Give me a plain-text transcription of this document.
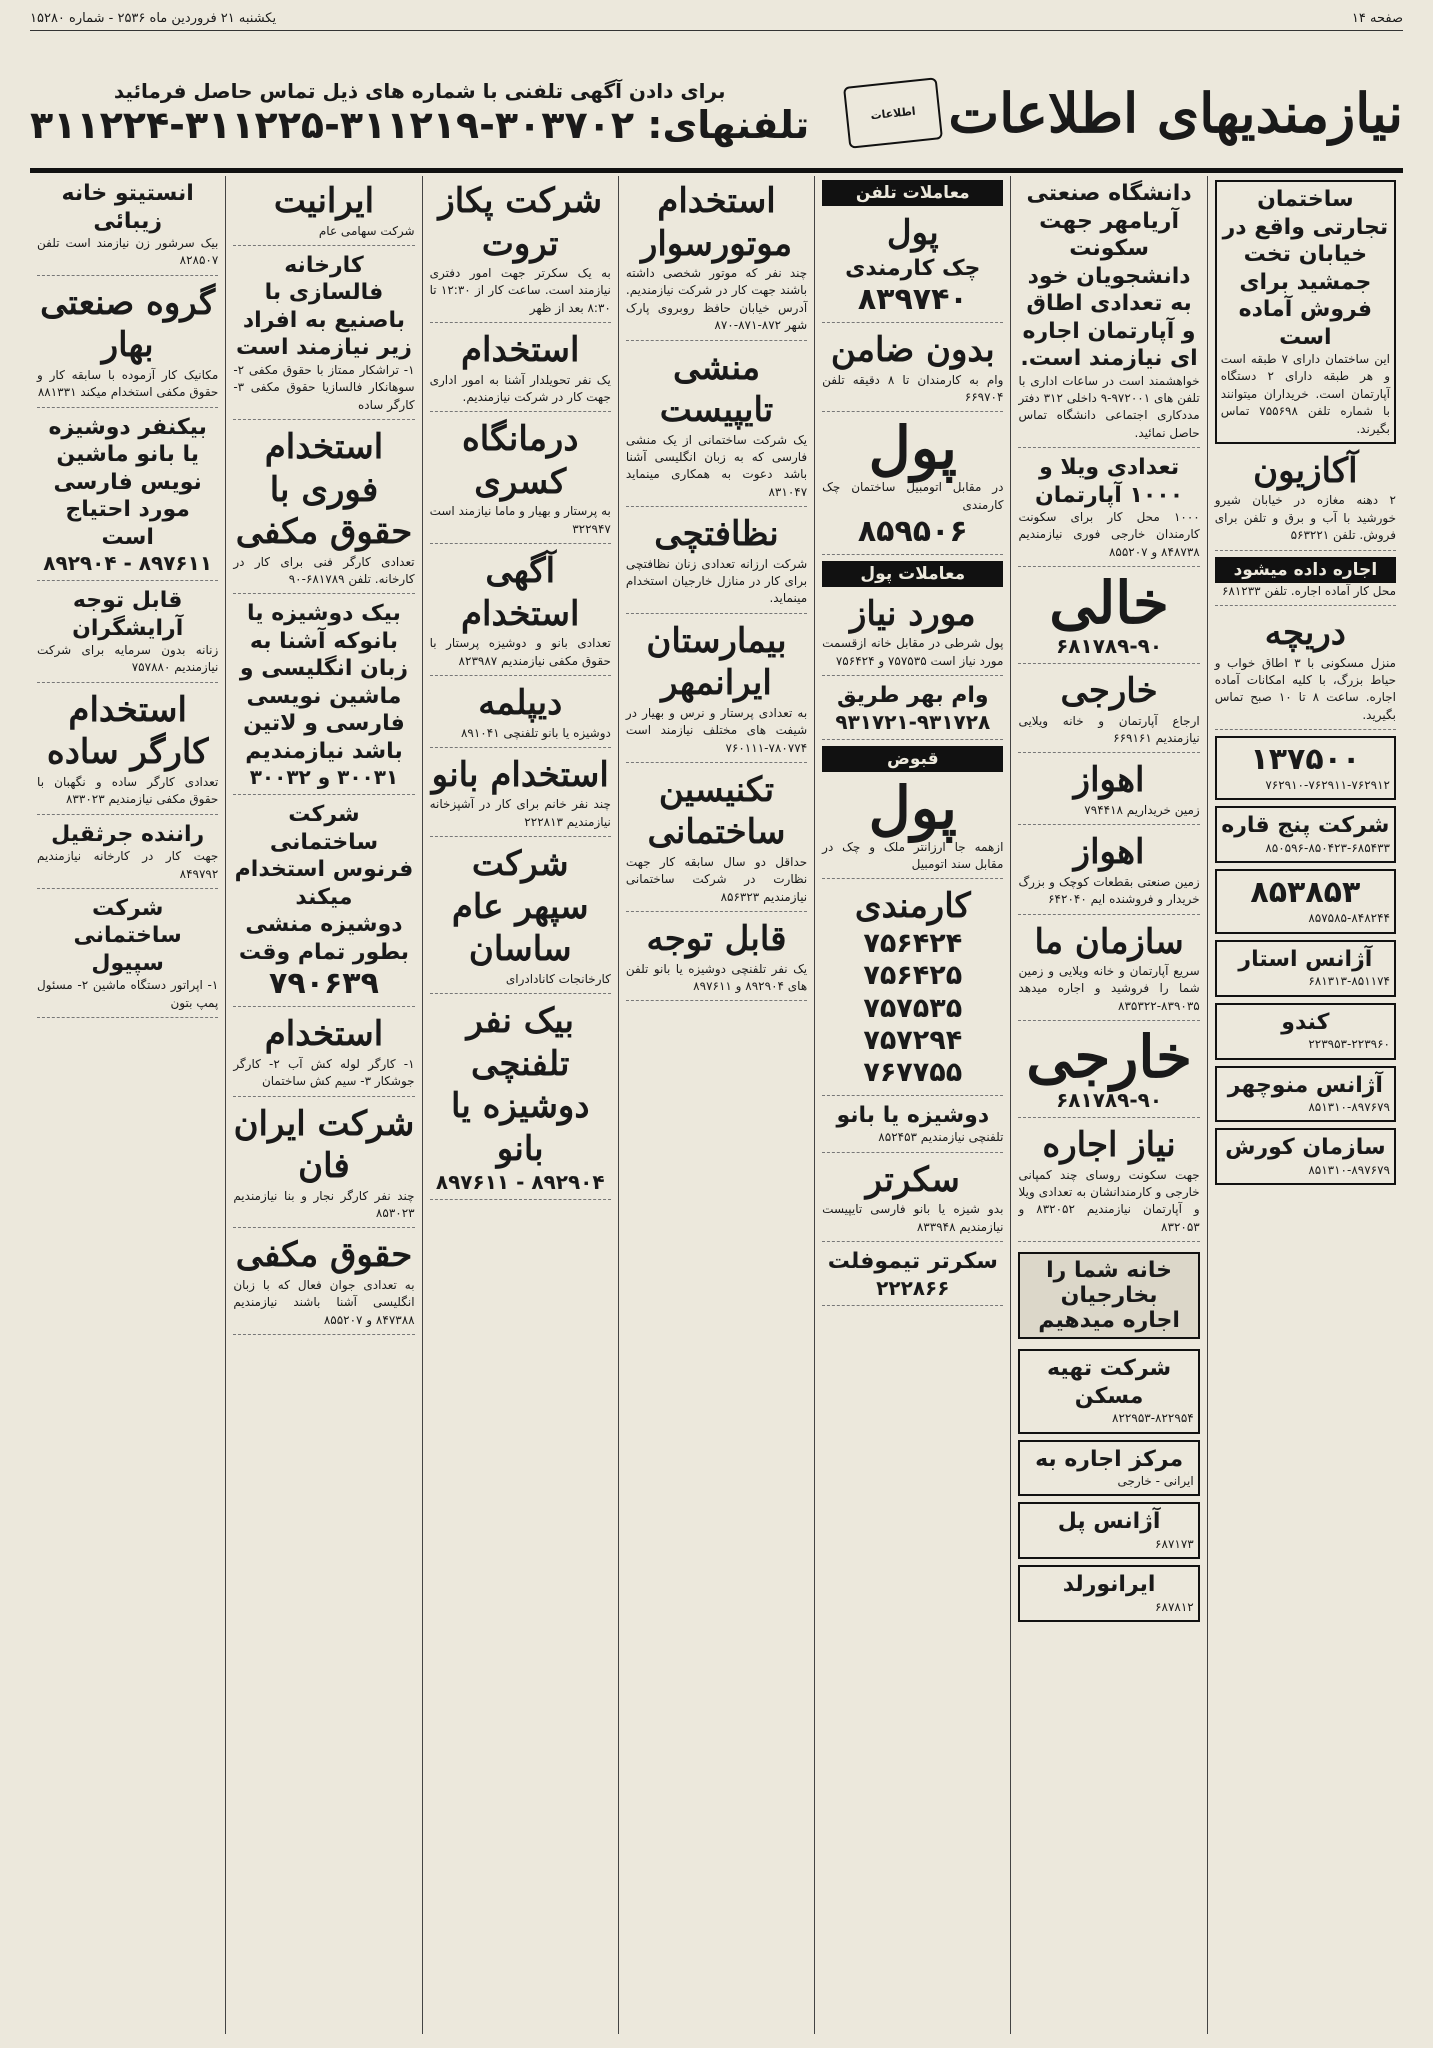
صفحه ۱۴
یکشنبه ۲۱ فروردین ماه ۲۵۳۶ - شماره ۱۵۲۸۰
نیازمندیهای اطلاعات
اطلاعات
برای دادن آگهی تلفنی با شماره های ذیل تماس حاصل فرمائید
تلفنهای: ۳۰۳۷۰۲-۳۱۱۲۱۹-۳۱۱۲۲۵-۳۱۱۲۲۴
ساختمان تجارتی واقع در خیابان تخت جمشید برای فروش آماده است
این ساختمان دارای ۷ طبقه است و هر طبقه دارای ۲ دستگاه آپارتمان است. خریداران میتوانند با شماره تلفن ۷۵۵۶۹۸ تماس بگیرند.
آکازیون
۲ دهنه مغازه در خیابان شیرو خورشید با آب و برق و تلفن برای فروش. تلفن ۵۶۳۲۲۱
اجاره داده میشود
محل کار آماده اجاره. تلفن ۶۸۱۲۳۳
دریچه
منزل مسکونی با ۳ اطاق خواب و حیاط بزرگ، با کلیه امکانات آماده اجاره. ساعت ۸ تا ۱۰ صبح تماس بگیرید.
۱۳۷۵۰۰
۷۶۲۹۱۰-۷۶۲۹۱۱-۷۶۲۹۱۲
شرکت پنج قاره
۸۵۰۵۹۶-۸۵۰۴۲۳-۶۸۵۴۳۳
۸۵۳۸۵۳
۸۵۷۵۸۵-۸۴۸۲۴۴
آژانس استار
۶۸۱۳۱۳-۸۵۱۱۷۴
کندو
۲۲۳۹۵۳-۲۲۳۹۶۰
آژانس منوچهر
۸۵۱۳۱۰-۸۹۷۶۷۹
سازمان کورش
۸۵۱۳۱۰-۸۹۷۶۷۹
دانشگاه صنعتی آریامهر جهت سکونت دانشجویان خود به تعدادی اطاق و آپارتمان اجاره ای نیازمند است.
خواهشمند است در ساعات اداری با تلفن های ۹۷۲۰۰۱-۹ داخلی ۳۱۲ دفتر مددکاری اجتماعی دانشگاه تماس حاصل نمائید.
تعدادی ویلا و ۱۰۰۰ آپارتمان
۱۰۰۰ محل کار برای سکونت کارمندان خارجی فوری نیازمندیم ۸۴۸۷۳۸ و ۸۵۵۲۰۷
خالی
۶۸۱۷۸۹-۹۰
خارجی
ارجاع آپارتمان و خانه ویلایی نیازمندیم ۶۶۹۱۶۱
اهواز
زمین خریداریم ۷۹۴۴۱۸
اهواز
زمین صنعتی بقطعات کوچک و بزرگ خریدار و فروشنده ایم ۶۴۲۰۴۰
سازمان ما
سریع آپارتمان و خانه ویلایی و زمین شما را فروشید و اجاره میدهد ۸۳۹۰۳۵-۸۳۵۳۲۲
خارجی
۶۸۱۷۸۹-۹۰
نیاز اجاره
جهت سکونت روسای چند کمپانی خارجی و کارمندانشان به تعدادی ویلا و آپارتمان نیازمندیم ۸۳۲۰۵۲ و ۸۳۲۰۵۳
خانه شما را بخارجیان اجاره میدهیم
شرکت تهیه مسکن
۸۲۲۹۵۳-۸۲۲۹۵۴
مرکز اجاره به
ایرانی - خارجی
آژانس پل
۶۸۷۱۷۳
ایرانورلد
۶۸۷۸۱۲
معاملات تلفن
پول
چک کارمندی
۸۳۹۷۴۰
بدون ضامن
وام به کارمندان تا ۸ دقیقه تلفن ۶۶۹۷۰۴
پول
در مقابل اتومبیل ساختمان چک کارمندی
۸۵۹۵۰۶
معاملات پول
مورد نیاز
پول شرطی در مقابل خانه ازقسمت مورد نیاز است ۷۵۷۵۳۵ و ۷۵۶۴۲۴
وام بهر طریق
۹۳۱۷۲۱-۹۳۱۷۲۸
قبوض
پول
ازهمه جا ارزانتر ملک و چک در مقابل سند اتومبیل
کارمندی
۷۵۶۴۲۴
۷۵۶۴۲۵
۷۵۷۵۳۵
۷۵۷۲۹۴
۷۶۷۷۵۵
دوشیزه یا بانو
تلفنچی نیازمندیم ۸۵۲۴۵۳
سکرتر
بدو شیزه یا بانو فارسی تایپیست نیازمندیم ۸۳۳۹۴۸
سکرتر تیموفلت
۲۲۲۸۶۶
استخدام موتورسوار
چند نفر که موتور شخصی داشته باشند جهت کار در شرکت نیازمندیم. آدرس خیابان حافظ روبروی پارک شهر ۸۷۲-۸۷۱-۸۷۰
منشی تایپیست
یک شرکت ساختمانی از یک منشی فارسی که به زبان انگلیسی آشنا باشد دعوت به همکاری مینماید ۸۳۱۰۴۷
نظافتچی
شرکت ارزانه تعدادی زنان نظافتچی برای کار در منازل خارجیان استخدام مینماید.
بیمارستان ایرانمهر
به تعدادی پرستار و نرس و بهیار در شیفت های مختلف نیازمند است ۷۸۰۷۷۴-۷۶۰۱۱۱
تکنیسین ساختمانی
حداقل دو سال سابقه کار جهت نظارت در شرکت ساختمانی نیازمندیم ۸۵۶۳۲۳
قابل توجه
یک نفر تلفنچی دوشیزه یا بانو تلفن های ۸۹۲۹۰۴ و ۸۹۷۶۱۱
شرکت پکاز تروت
به یک سکرتر جهت امور دفتری نیازمند است. ساعت کار از ۱۲:۳۰ تا ۸:۳۰ بعد از ظهر
استخدام
یک نفر تحویلدار آشنا به امور اداری جهت کار در شرکت نیازمندیم.
درمانگاه کسری
به پرستار و بهیار و ماما نیازمند است ۳۲۲۹۴۷
آگهی استخدام
تعدادی بانو و دوشیزه پرستار با حقوق مکفی نیازمندیم ۸۲۳۹۸۷
دیپلمه
دوشیزه یا بانو تلفنچی ۸۹۱۰۴۱
استخدام بانو
چند نفر خانم برای کار در آشپزخانه نیازمندیم ۲۲۲۸۱۳
شرکت سپهر عام ساسان
کارخانجات کانادادرای
بیک نفر تلفنچی دوشیزه یا بانو
۸۹۲۹۰۴ - ۸۹۷۶۱۱
ایرانیت
شرکت سهامی عام
کارخانه فالسازی با باصنیع به افراد زیر نیازمند است
۱- تراشکار ممتاز با حقوق مکفی ۲- سوهانکار فالسازیا حقوق مکفی ۳- کارگر ساده
استخدام فوری با حقوق مکفی
تعدادی کارگر فنی برای کار در کارخانه. تلفن ۶۸۱۷۸۹-۹۰
بیک دوشیزه یا بانوکه آشنا به زبان انگلیسی و ماشین نویسی فارسی و لاتین باشد نیازمندیم
۳۰۰۳۱ و ۳۰۰۳۲
شرکت ساختمانی فرنوس استخدام میکند
دوشیزه منشی بطور تمام وقت
۷۹۰۶۳۹
استخدام
۱- کارگر لوله کش آب ۲- کارگر جوشکار ۳- سیم کش ساختمان
شرکت ایران فان
چند نفر کارگر نجار و بنا نیازمندیم ۸۵۳۰۲۳
حقوق مکفی
به تعدادی جوان فعال که با زبان انگلیسی آشنا باشند نیازمندیم ۸۴۷۳۸۸ و ۸۵۵۲۰۷
انستیتو خانه زیبائی
بیک سرشور زن نیازمند است تلفن ۸۲۸۵۰۷
گروه صنعتی بهار
مکانیک کار آزموده با سابقه کار و حقوق مکفی استخدام میکند ۸۸۱۳۳۱
بیکنفر دوشیزه یا بانو ماشین نویس فارسی مورد احتیاج است
۸۹۷۶۱۱ - ۸۹۲۹۰۴
قابل توجه آرایشگران
زنانه بدون سرمایه برای شرکت نیازمندیم ۷۵۷۸۸۰
استخدام کارگر ساده
تعدادی کارگر ساده و نگهبان با حقوق مکفی نیازمندیم ۸۳۳۰۲۳
راننده جرثقیل
جهت کار در کارخانه نیازمندیم ۸۴۹۷۹۲
شرکت ساختمانی سپیول
۱- اپراتور دستگاه ماشین ۲- مسئول پمپ بتون
